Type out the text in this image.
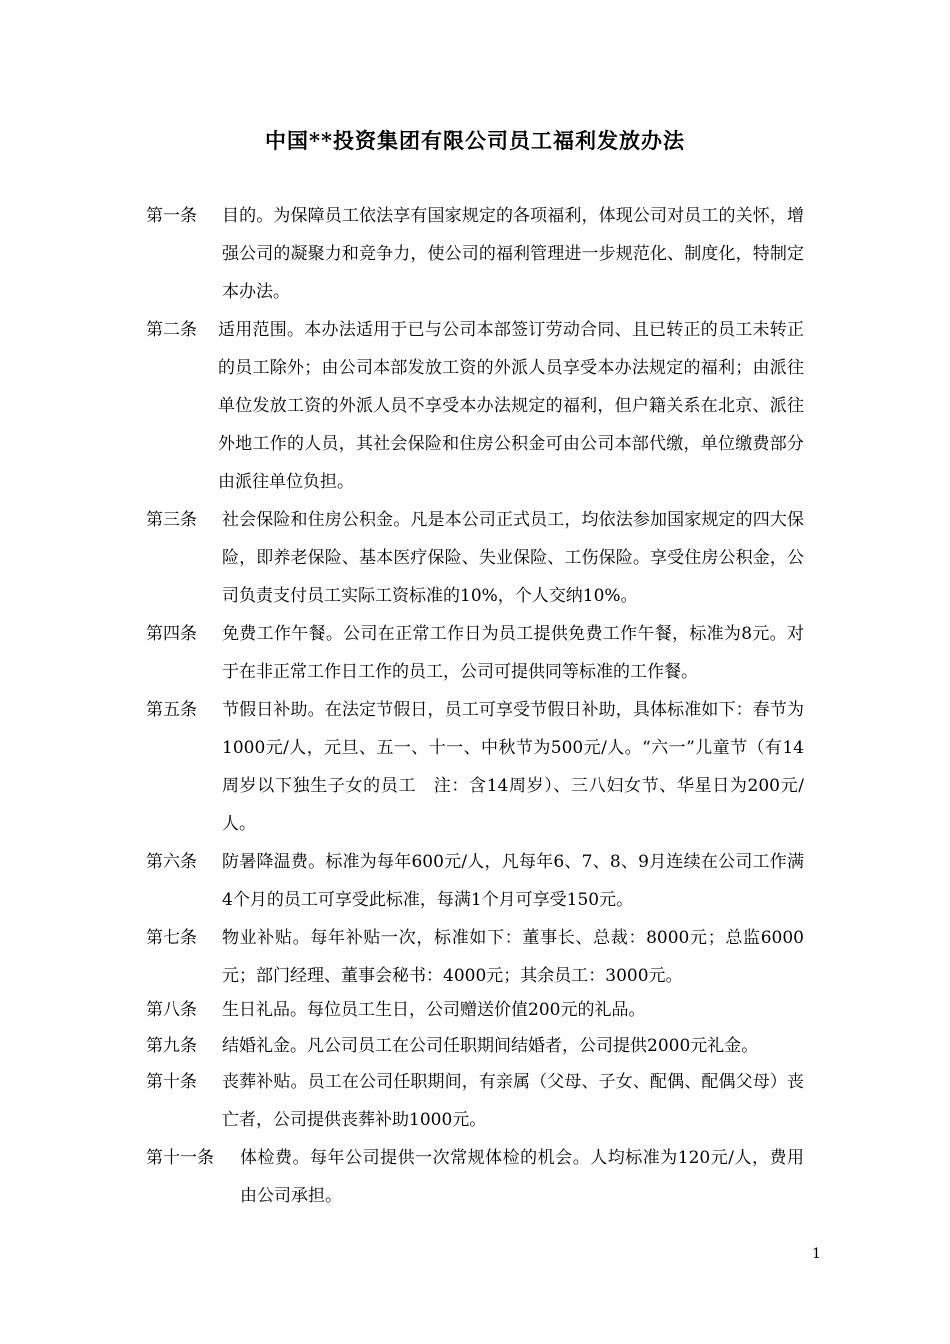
中国**投资集团有限公司员工福利发放办法
第一条 目的。为保障员工依法享有国家规定的各项福利，体现公司对员工的关怀，增强公司的凝聚力和竞争力，使公司的福利管理进一步规范化、制度化，特制定本办法。
第二条 适用范围。本办法适用于已与公司本部签订劳动合同、且已转正的员工未转正的员工除外；由公司本部发放工资的外派人员享受本办法规定的福利；由派往单位发放工资的外派人员不享受本办法规定的福利，但户籍关系在北京、派往外地工作的人员，其社会保险和住房公积金可由公司本部代缴，单位缴费部分由派往单位负担。
第三条 社会保险和住房公积金。凡是本公司正式员工，均依法参加国家规定的四大保险，即养老保险、基本医疗保险、失业保险、工伤保险。享受住房公积金，公司负责支付员工实际工资标准的10%，个人交纳10%。
第四条 免费工作午餐。公司在正常工作日为员工提供免费工作午餐，标准为8元。对于在非正常工作日工作的员工，公司可提供同等标准的工作餐。
第五条 节假日补助。在法定节假日，员工可享受节假日补助，具体标准如下：春节为1000元/人，元旦、五一、十一、中秋节为500元/人。“六一”儿童节（有14周岁以下独生子女的员工　注：含14周岁）、三八妇女节、华星日为200元/人。
第六条 防暑降温费。标准为每年600元/人，凡每年6、7、8、9月连续在公司工作满4个月的员工可享受此标准，每满1个月可享受150元。
第七条 物业补贴。每年补贴一次，标准如下：董事长、总裁：8000元；总监6000元；部门经理、董事会秘书：4000元；其余员工：3000元。
第八条 生日礼品。每位员工生日，公司赠送价值200元的礼品。
第九条 结婚礼金。凡公司员工在公司任职期间结婚者，公司提供2000元礼金。
第十条 丧葬补贴。员工在公司任职期间，有亲属（父母、子女、配偶、配偶父母）丧亡者，公司提供丧葬补助1000元。
第十一条 体检费。每年公司提供一次常规体检的机会。人均标准为120元/人，费用由公司承担。
1
